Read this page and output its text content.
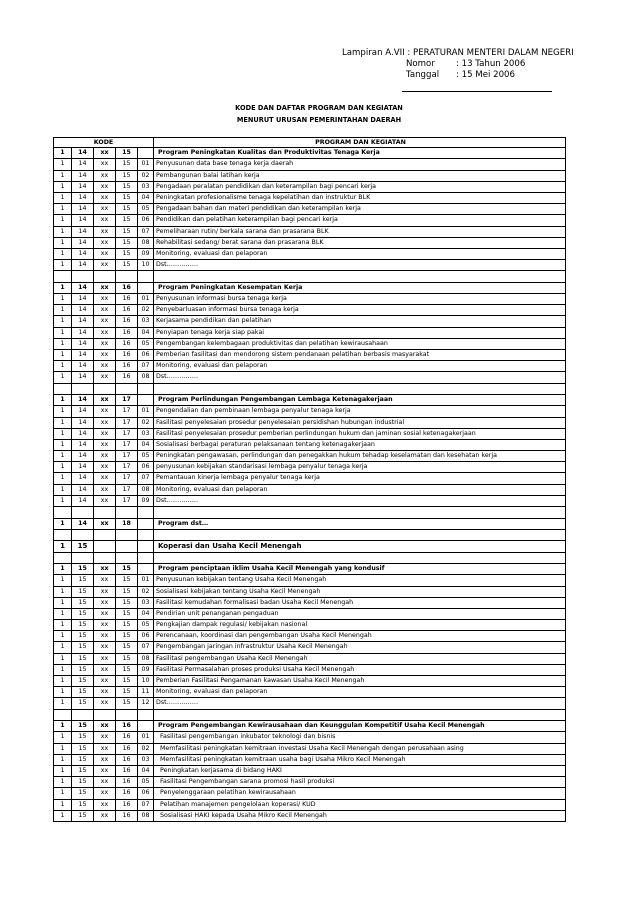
Lampiran A.VII : PERATURAN MENTERI DALAM NEGERI
Nomor	: 13 Tahun 2006
Tanggal	: 15 Mei 2006
KODE DAN DAFTAR PROGRAM DAN KEGIATAN
MENURUT URUSAN PEMERINTAHAN DAERAH
KODE	PROGRAM DAN KEGIATAN
1	14	xx	15	Program Peningkatan Kualitas dan Produktivitas Tenaga Kerja
1	14	xx	15	01	Penyusunan data base tenaga kerja daerah
1	14	xx	15	02	Pembangunan balai latihan kerja
1	14	xx	15	03	Pengadaan peralatan pendidikan dan keterampilan bagi pencari kerja
1	14	xx	15	04	Peningkatan profesionalisme tenaga kepelatihan dan instruktur BLK
1	14	xx	15	05	Pengadaan bahan dan materi pendidikan dan keterampilan kerja
1	14	xx	15	06	Pendidikan dan pelatihan keterampilan bagi pencari kerja
1	14	xx	15	07	Pemeliharaan rutin/ berkala sarana dan prasarana BLK
1	14	xx	15	08	Rehabilitasi sedang/ berat sarana dan prasarana BLK
1	14	xx	15	09	Monitoring, evaluasi dan pelaporan
1	14	xx	15	10	Dst……………
1	14	xx	16	Program Peningkatan Kesempatan Kerja
1	14	xx	16	01	Penyusunan informasi bursa tenaga kerja
1	14	xx	16	02	Penyebarluasan informasi bursa tenaga kerja
1	14	xx	16	03	Kerjasama pendidikan dan pelatihan
1	14	xx	16	04	Penyiapan tenaga kerja siap pakai
1	14	xx	16	05	Pengembangan kelembagaan produktivitas dan pelatihan kewirausahaan
1	14	xx	16	06	Pemberian fasilitasi dan mendorong sistem pendanaan pelatihan berbasis masyarakat
1	14	xx	16	07	Monitoring, evaluasi dan pelaporan
1	14	xx	16	08	Dst……………
1	14	xx	17	Program Perlindungan Pengembangan Lembaga Ketenagakerjaan
1	14	xx	17	01	Pengendalian dan pembinaan lembaga penyalur tenaga kerja
1	14	xx	17	02	Fasilitasi penyelesaian prosedur penyelesaian persidishan hubungan industrial
1	14	xx	17	03	Fasilitasi penyelesaian prosedur pemberian perlindungan hukum dan jaminan sosial ketenagakerjaan
1	14	xx	17	04	Sosialisasi berbagai peraturan pelaksanaan tentang ketenagakerjaan
1	14	xx	17	05	Peningkatan pengawasan, perlindungan dan penegakkan hukum tehadap keselamatan dan kesehatan kerja
1	14	xx	17	06	penyusunan kebijakan standarisasi lembaga penyalur tenaga kerja
1	14	xx	17	07	Pemantauan kinerja lembaga penyalur tenaga kerja
1	14	xx	17	08	Monitoring, evaluasi dan pelaporan
1	14	xx	17	09	Dst……………
1	14	xx	18	Program dst…
1	15	Koperasi dan Usaha Kecil Menengah
1	15	xx	15	Program penciptaan iklim Usaha Kecil Menengah yang kondusif
1	15	xx	15	01	Penyusunan kebijakan tentang Usaha Kecil Menengah
1	15	xx	15	02	Sosialisasi kebijakan tentang Usaha Kecil Menengah
1	15	xx	15	03	Fasilitasi kemudahan formalisasi badan Usaha Kecil Menengah
1	15	xx	15	04	Pendirian unit penanganan pengaduan
1	15	xx	15	05	Pengkajian dampak regulasi/ kebijakan nasional
1	15	xx	15	06	Perencanaan, koordinasi dan pengembangan Usaha Kecil Menengah
1	15	xx	15	07	Pengembangan jaringan infrastruktur Usaha Kecil Menengah
1	15	xx	15	08	Fasilitasi pengembangan Usaha Kecil Menengah
1	15	xx	15	09	Fasilitasi Permasalahan proses produksi Usaha Kecil Menengah
1	15	xx	15	10	Pemberian Fasilitasi Pengamanan kawasan Usaha Kecil Menengah
1	15	xx	15	11	Monitoring, evaluasi dan pelaporan
1	15	xx	15	12	Dst……………
1	15	xx	16	Program Pengembangan Kewirausahaan dan Keunggulan Kompetitif Usaha Kecil Menengah
1	15	xx	16	01	Fasilitasi pengembangan inkubator teknologi dan bisnis
1	15	xx	16	02	Memfasilitasi peningkatan kemitraan investasi Usaha Kecil Menengah dengan perusahaan asing
1	15	xx	16	03	Memfasilitasi peningkatan kemitraan usaha bagi Usaha Mikro Kecil Menengah
1	15	xx	16	04	Peningkatan kerjasama di bidang HAKI
1	15	xx	16	05	Fasilitasi Pengembangan sarana promosi hasil produksi
1	15	xx	16	06	Penyelenggaraan pelatihan kewirausahaan
1	15	xx	16	07	Pelatihan manajemen pengelolaan koperasi/ KUD
1	15	xx	16	08	Sosialisasi HAKI kepada Usaha Mikro Kecil Menengah
